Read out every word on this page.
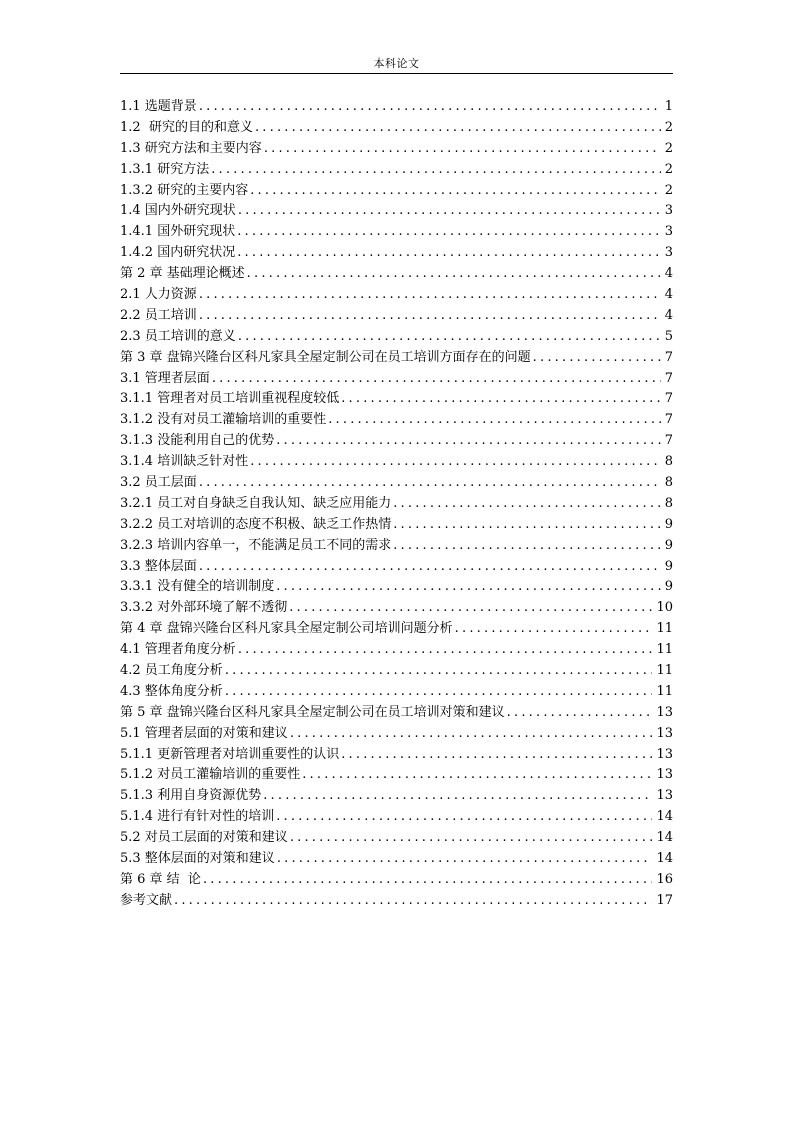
本科论文
1.1 选题背景 .....	1
1.2  研究的目的和意义 .....	2
1.3 研究方法和主要内容 .....	2
1.3.1 研究方法 .....	2
1.3.2 研究的主要内容 .....	2
1.4 国内外研究现状 .....	3
1.4.1 国外研究现状 .....	3
1.4.2 国内研究状况 .....	3
第 2 章 基础理论概述 .....	4
2.1 人力资源 .....	4
2.2 员工培训 .....	4
2.3 员工培训的意义 .....	5
第 3 章 盘锦兴隆台区科凡家具全屋定制公司在员工培训方面存在的问题 .....	7
3.1 管理者层面 .....	7
3.1.1 管理者对员工培训重视程度较低 .....	7
3.1.2 没有对员工灌输培训的重要性 .....	7
3.1.3 没能利用自己的优势 .....	7
3.1.4 培训缺乏针对性 .....	8
3.2 员工层面 .....	8
3.2.1 员工对自身缺乏自我认知、缺乏应用能力 .....	8
3.2.2 员工对培训的态度不积极、缺乏工作热情 .....	9
3.2.3 培训内容单一，不能满足员工不同的需求 .....	9
3.3 整体层面 .....	9
3.3.1 没有健全的培训制度 .....	9
3.3.2 对外部环境了解不透彻 .....	10
第 4 章 盘锦兴隆台区科凡家具全屋定制公司培训问题分析 .....	11
4.1 管理者角度分析 .....	11
4.2 员工角度分析 .....	11
4.3 整体角度分析 .....	11
第 5 章 盘锦兴隆台区科凡家具全屋定制公司在员工培训对策和建议 .....	13
5.1 管理者层面的对策和建议 .....	13
5.1.1 更新管理者对培训重要性的认识 .....	13
5.1.2 对员工灌输培训的重要性 .....	13
5.1.3 利用自身资源优势 .....	13
5.1.4 进行有针对性的培训 .....	14
5.2 对员工层面的对策和建议 .....	14
5.3 整体层面的对策和建议 .....	14
第 6 章 结  论 .....	16
参考文献 .....	17
